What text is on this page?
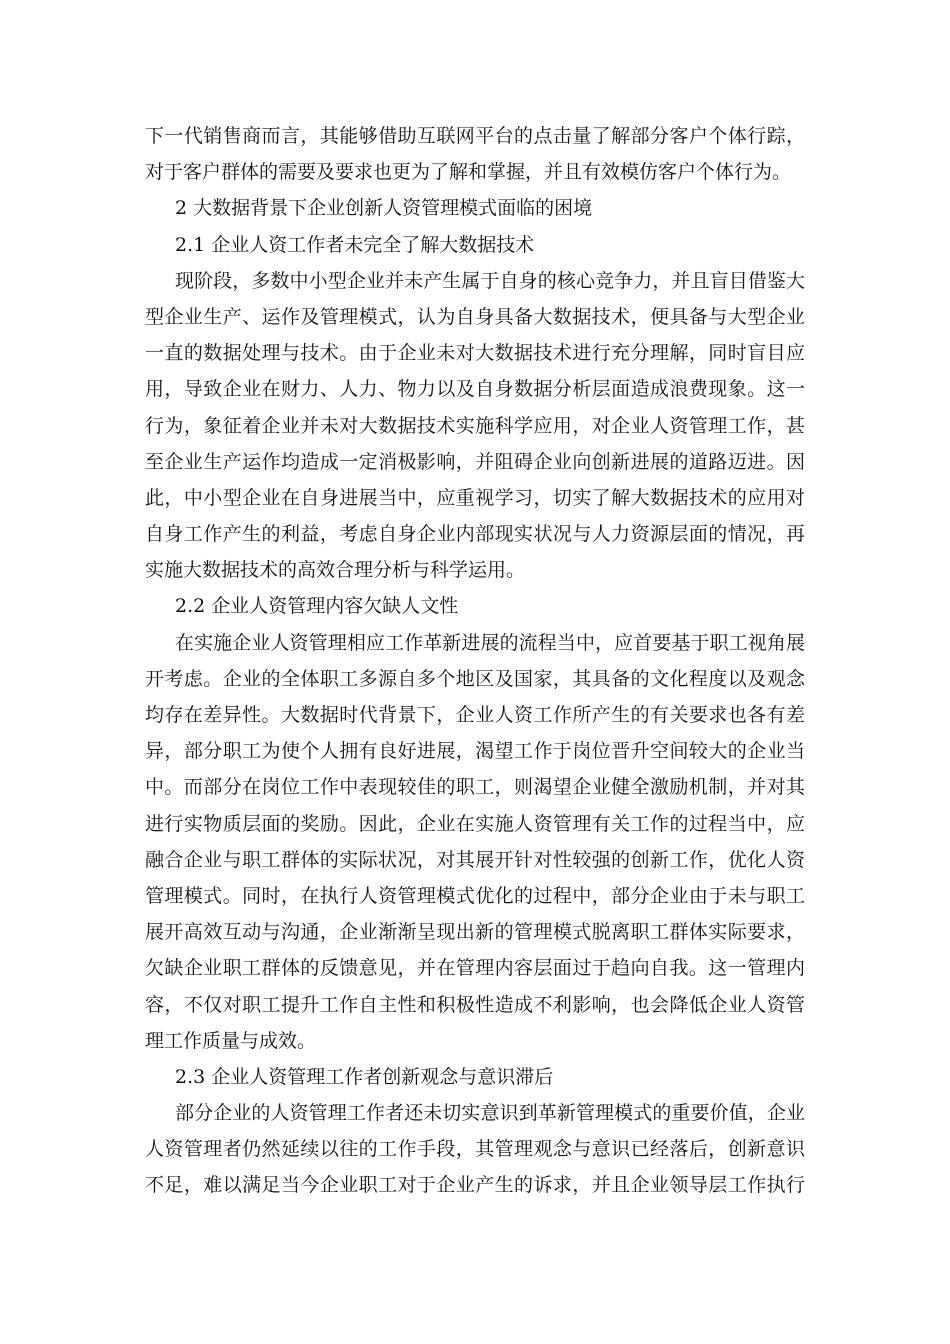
下一代销售商而言，其能够借助互联网平台的点击量了解部分客户个体行踪，
对于客户群体的需要及要求也更为了解和掌握，并且有效模仿客户个体行为。
2 大数据背景下企业创新人资管理模式面临的困境
2.1 企业人资工作者未完全了解大数据技术
现阶段，多数中小型企业并未产生属于自身的核心竞争力，并且盲目借鉴大
型企业生产、运作及管理模式，认为自身具备大数据技术，便具备与大型企业
一直的数据处理与技术。由于企业未对大数据技术进行充分理解，同时盲目应
用，导致企业在财力、人力、物力以及自身数据分析层面造成浪费现象。这一
行为，象征着企业并未对大数据技术实施科学应用，对企业人资管理工作，甚
至企业生产运作均造成一定消极影响，并阻碍企业向创新进展的道路迈进。因
此，中小型企业在自身进展当中，应重视学习，切实了解大数据技术的应用对
自身工作产生的利益，考虑自身企业内部现实状况与人力资源层面的情况，再
实施大数据技术的高效合理分析与科学运用。
2.2 企业人资管理内容欠缺人文性
在实施企业人资管理相应工作革新进展的流程当中，应首要基于职工视角展
开考虑。企业的全体职工多源自多个地区及国家，其具备的文化程度以及观念
均存在差异性。大数据时代背景下，企业人资工作所产生的有关要求也各有差
异，部分职工为使个人拥有良好进展，渴望工作于岗位晋升空间较大的企业当
中。而部分在岗位工作中表现较佳的职工，则渴望企业健全激励机制，并对其
进行实物质层面的奖励。因此，企业在实施人资管理有关工作的过程当中，应
融合企业与职工群体的实际状况，对其展开针对性较强的创新工作，优化人资
管理模式。同时，在执行人资管理模式优化的过程中，部分企业由于未与职工
展开高效互动与沟通，企业渐渐呈现出新的管理模式脱离职工群体实际要求，
欠缺企业职工群体的反馈意见，并在管理内容层面过于趋向自我。这一管理内
容，不仅对职工提升工作自主性和积极性造成不利影响，也会降低企业人资管
理工作质量与成效。
2.3 企业人资管理工作者创新观念与意识滞后
部分企业的人资管理工作者还未切实意识到革新管理模式的重要价值，企业
人资管理者仍然延续以往的工作手段，其管理观念与意识已经落后，创新意识
不足，难以满足当今企业职工对于企业产生的诉求，并且企业领导层工作执行
